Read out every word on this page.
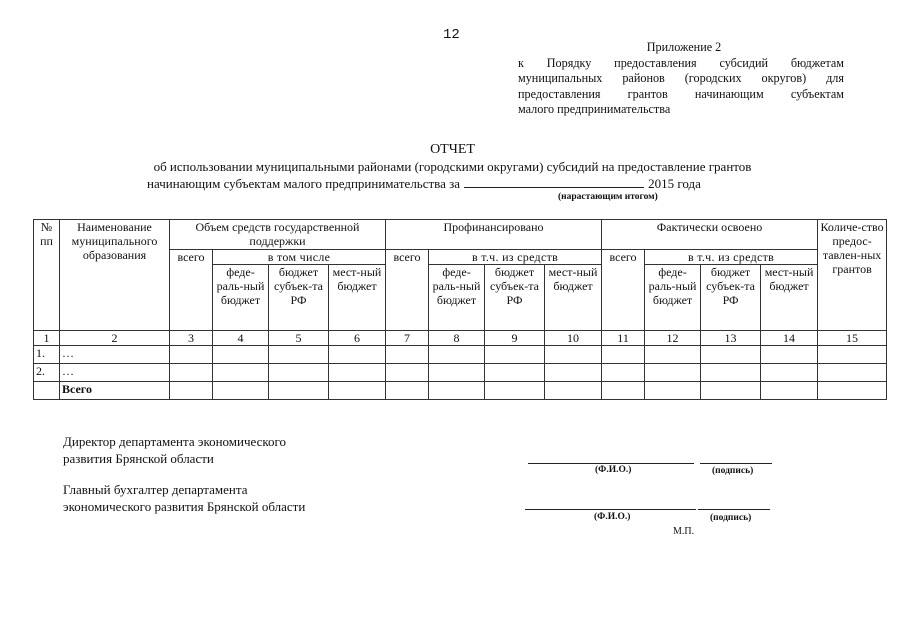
12
Приложение 2
к Порядку предоставления субсидий бюджетам
муниципальных районов (городских округов) для
предоставления грантов начинающим субъектам
малого предпринимательства
ОТЧЕТ
об использовании муниципальными районами (городскими округами) субсидий на предоставление грантов
начинающим субъектам малого предпринимательства за	2015 года
(нарастающим итогом)
№ пп	Наименование муниципального образования	Объем средств государственной поддержки				Профинансировано				Фактически освоено				Количе-ство предос-тавлен-ных грантов
		всего	в том числе			всего	в т.ч. из средств			всего	в т.ч. из средств			
			феде-раль-ный бюджет	бюджет субъек-та РФ	мест-ный бюджет		феде-раль-ный бюджет	бюджет субъек-та РФ	мест-ный бюджет		феде-раль-ный бюджет	бюджет субъек-та РФ	мест-ный бюджет	
1	2	3	4	5	6	7	8	9	10	11	12	13	14	15
1.	…													
2.	…													
	Всего													
Директор департамента экономического
развития Брянской области
(Ф.И.О.)	(подпись)
Главный бухгалтер департамента
экономического развития Брянской области
(Ф.И.О.)	(подпись)
М.П.
